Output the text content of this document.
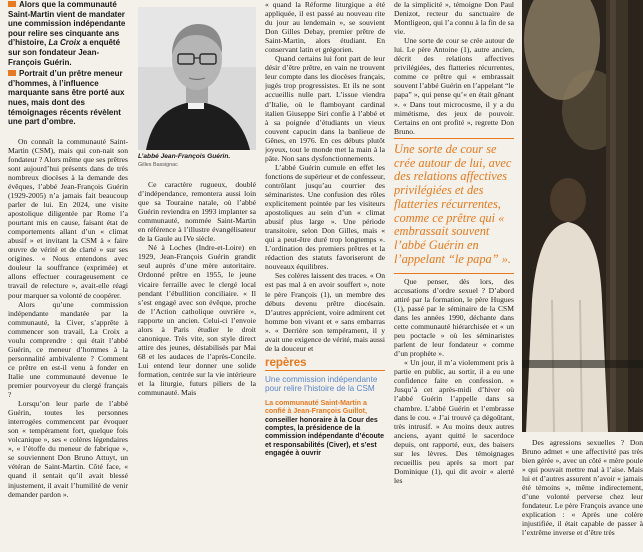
Alors que la communauté Saint-Martin vient de mandater une commission indépendante pour relire ses cinquante ans d’histoire, La Croix a enquêté sur son fondateur Jean-François Guérin.
Portrait d’un prêtre meneur d’hommes, à l’influence marquante sans être porté aux nues, mais dont des témoignages récents révèlent une part d’ombre.

On connaît la communauté Saint-Martin (CSM), mais qui con-nait son fondateur ? Alors même que ses prêtres sont aujourd’hui présents dans de très nombreux diocèses à la demande des évêques, l’abbé Jean-François Guérin (1929-2005) n’a jamais fait beaucoup parler de lui. En 2024, une visite apostolique diligentée par Rome l’a pourtant mis en cause, faisant état de comportements allant d’un « climat abusif » et invitant la CSM à « faire œuvre de vérité et de clarté » sur ses origines. « Nous entendons avec douleur la souffrance (exprimée) et allons effectuer courageusement ce travail de relecture », avait-elle réagi pour marquer sa volonté de coopérer.

Alors qu’une commission indépendante mandatée par la communauté, la Civer, s’apprête à commencer son travail, La Croix a voulu comprendre : qui était l’abbé Guérin, ce meneur d’hommes à la personnalité ambivalente ? Comment ce prêtre en est-il venu à fonder en Italie une communauté devenue le premier pourvoyeur du clergé français ?

Lorsqu’on leur parle de l’abbé Guérin, toutes les personnes interrogées commencent par évoquer son « tempérament fort, quelque fois volcanique », ses « colères légendaires », « l’étoffe du meneur de fabrique », se souviennent Don Bruno Attuyt, un vétéran de Saint-Martin. Côté face, « quand il sentait qu’il avait blessé injustement, il avait l’humilité de venir demander pardon ».

L’abbé Jean-François Guérin.
Gilles Bassignac

Ce caractère rugueux, doublé d’indépendance, remontera aussi loin que sa Touraine natale, où l’abbé Guérin reviendra en 1993 implanter sa communauté, nommée Saint-Martin en référence à l’illustre évangélisateur de la Gaule au IVe siècle.

Né à Loches (Indre-et-Loire) en 1929, Jean-François Guérin grandit seul auprès d’une mère autoritaire. Ordonné prêtre en 1955, le jeune vicaire ferraille avec le clergé local pendant l’ébullition conciliaire. « Il s’est engagé avec son évêque, proche de l’Action catholique ouvrière », rapporte un ancien. Celui-ci l’envoie alors à Paris étudier le droit canonique. Très vite, son style direct attire des jeunes, déstabilisés par Mai 68 et les audaces de l’après-Concile. Lui entend leur donner une solide formation, centrée sur la vie intérieure et la liturgie, futurs piliers de la communauté. Mais

« quand la Réforme liturgique a été appliquée, il est passé au nouveau rite du jour au lendemain », se souvient Don Gilles Debay, premier prêtre de Saint-Martin, alors étudiant. En conservant latin et grégorien.

Quand certains lui font part de leur désir d’être prêtre, en vain ne trouvent leur compte dans les diocèses français, jugés trop progressistes. Et ils ne sont accueillis nulle part. L’issue viendra d’Italie, où le flamboyant cardinal italien Giuseppe Siri confie à l’abbé et à sa poignée d’étudiants un vieux couvent capucin dans la banlieue de Gênes, en 1976. En ces débuts plutôt joyeux, tout le monde met la main à la pâte. Non sans dysfonctionnements.

L’abbé Guérin cumule en effet les fonctions de supérieur et de confesseur, contrôlant jusqu’au courrier des séminaristes. Une confusion des rôles explicitement pointée par les visiteurs apostoliques au sein d’un « climat abusif plus large ». Une période transitoire, selon Don Gilles, mais « qui a peut-être duré trop longtemps ». L’ordination des premiers prêtres et la rédaction des statuts favoriseront de nouveaux équilibres.

Ses colères laissent des traces. « On est pas mal à en avoir souffert », note le père François (1), un membre des débuts devenu prêtre diocésain. D’autres apprécient, voire admirent cet homme bon vivant et « sans embarras ». « Derrière son tempérament, il y avait une exigence de vérité, mais aussi de la douceur et

repères
Une commission indépendante pour relire l’histoire de la CSM
La communauté Saint-Martin a confié à Jean-François Guillot, conseiller honoraire à la Cour des comptes, la présidence de la commission indépendante d’écoute et responsabilités (Civer), et s’est engagée à ouvrir

de la simplicité », témoigne Don Paul Denizot, recteur du sanctuaire de Montligeon, qui l’a connu à la fin de sa vie.

Une sorte de cour se crée autour de lui. Le père Antoine (1), autre ancien, décrit des relations affectives privilégiées, des flatteries récurrentes, comme ce prêtre qui « embrassait souvent l’abbé Guérin en l’appelant “le papa” », qui pense qu’« en était gênant ». « Dans tout microcosme, il y a du mimétisme, des jeux de pouvoir. Certains en ont profité », regrette Don Bruno.

Une sorte de cour se crée autour de lui, avec des relations affectives privilégiées et des flatteries récurrentes, comme ce prêtre qui « embrassait souvent l’abbé Guérin en l’appelant “le papa” ».

Que penser, dès lors, des accusations d’ordre sexuel ? D’abord attiré par la formation, le père Hugues (1), passé par le séminaire de la CSM dans les années 1990, déchante dans cette communauté hiérarchisée et « un peu poctacle » où les séminaristes parlent de leur fondateur « comme d’un prophète ».

« Un jour, il m’a violemment pris à partie en public, au sortir, il a eu une confidence faite en confession. » Jusqu’à cet après-midi d’hiver où l’abbé Guérin l’appelle dans sa chambre. L’abbé Guérin et l’embrasse dans le cou. « J’ai trouvé ça dégoûtant, très intrusif. » Au moins deux autres anciens, ayant quitté le sacerdoce depuis, ont rapporté, eux, des baisers sur les lèvres. Des témoignages recueillis peu après sa mort par Dominique (1), qui dit avoir « alerté les

Des agressions sexuelles ? Don Bruno admet « une affectivité pas très bien gérée », avec un côté « mère poule » qui pouvait mettre mal à l’aise. Mais lui et d’autres assurent n’avoir « jamais été témoins », même indirectement, d’une volonté perverse chez leur fondateur. Le père François avance une explication : « Après une colère injustifiée, il était capable de passer à l’extrême inverse et d’être très
